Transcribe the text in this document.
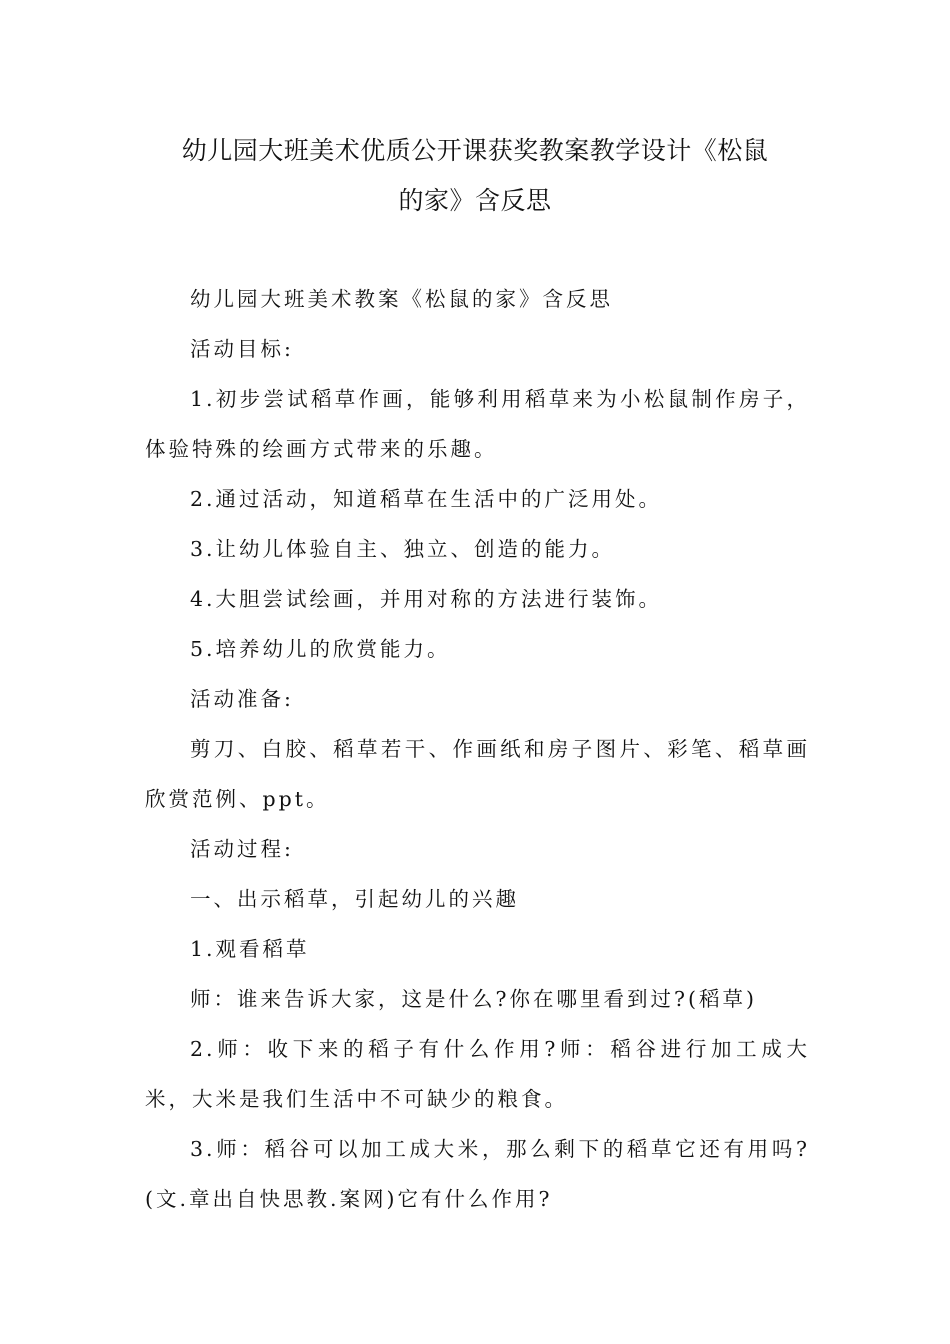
幼儿园大班美术优质公开课获奖教案教学设计《松鼠
的家》含反思

幼儿园大班美术教案《松鼠的家》含反思

活动目标:

1.初步尝试稻草作画，能够利用稻草来为小松鼠制作房子，体验特殊的绘画方式带来的乐趣。

2.通过活动，知道稻草在生活中的广泛用处。

3.让幼儿体验自主、独立、创造的能力。

4.大胆尝试绘画，并用对称的方法进行装饰。

5.培养幼儿的欣赏能力。

活动准备:

剪刀、白胶、稻草若干、作画纸和房子图片、彩笔、稻草画欣赏范例、ppt。

活动过程:

一、出示稻草，引起幼儿的兴趣

1.观看稻草

师：谁来告诉大家，这是什么?你在哪里看到过?(稻草)

2.师：收下来的稻子有什么作用?师：稻谷进行加工成大米，大米是我们生活中不可缺少的粮食。

3.师：稻谷可以加工成大米，那么剩下的稻草它还有用吗?(文.章出自快思教.案网)它有什么作用?
